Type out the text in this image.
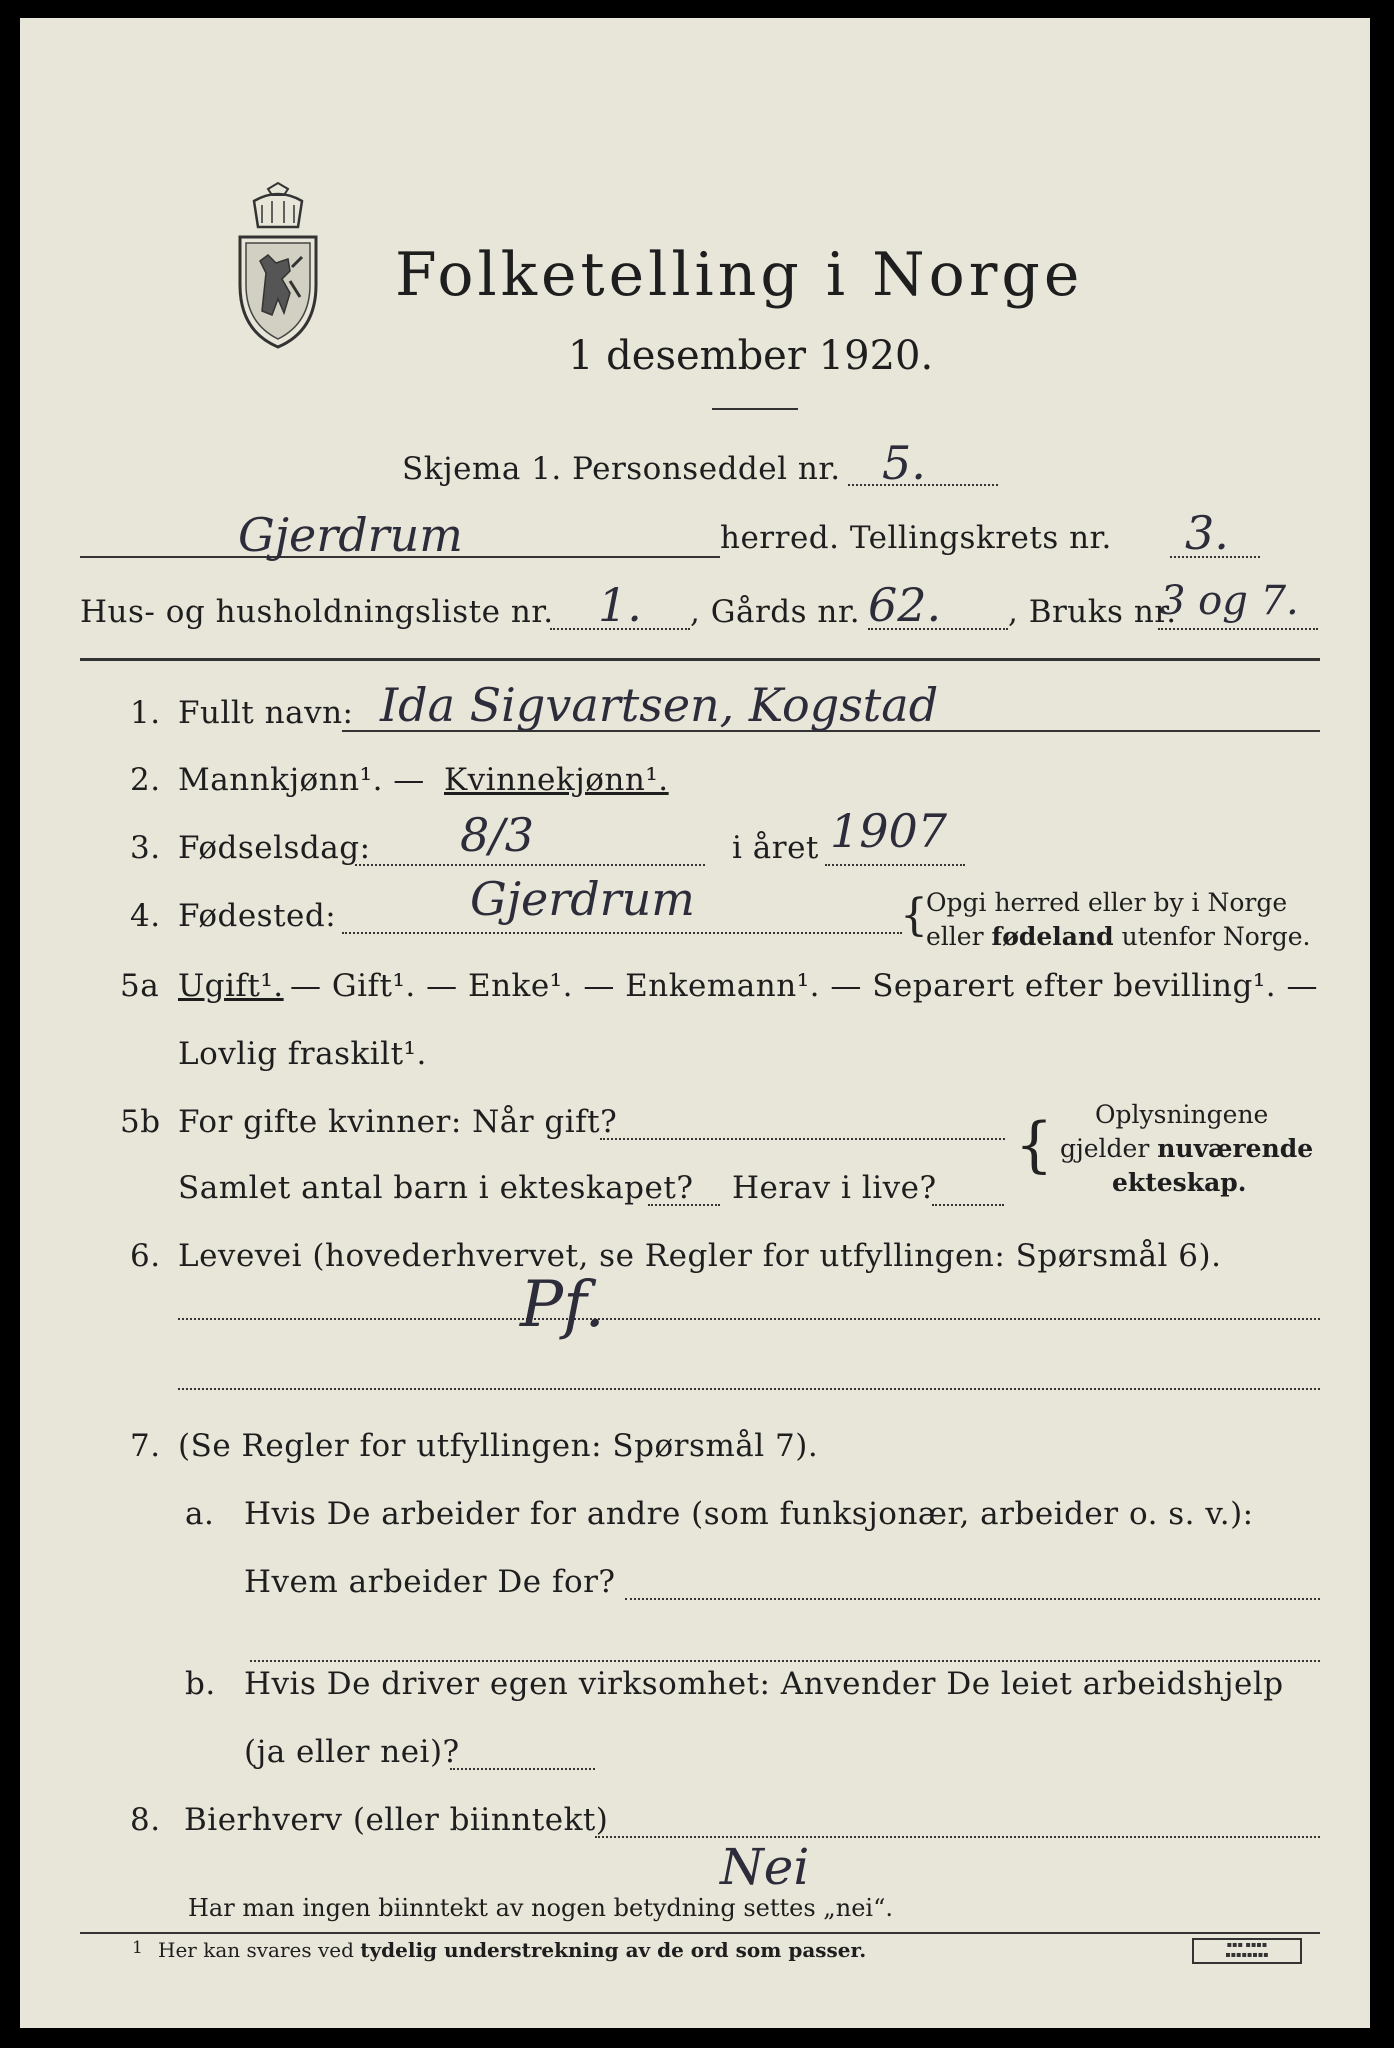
Folketelling i Norge
1 desember 1920.
Skjema 1. Personseddel nr. 5.
Gjerdrum	herred. Tellingskrets nr. 3.
Hus- og husholdningsliste nr. 1. , Gårds nr. 62. , Bruks nr.
3 og 7.
1. Fullt navn: Ida Sigvartsen, Kogstad
2. Mannkjønn¹. — Kvinnekjønn¹.
3. Fødselsdag: 8/3	i året 1907
4. Fødested:	Gjerdrum	{
Opgi herred eller by i Norge
eller fødeland utenfor Norge.
5a Ugift¹. — Gift¹. — Enke¹. — Enkemann¹. — Separert efter bevilling¹. —
Lovlig fraskilt¹.
5b For gifte kvinner: Når gift?
Samlet antal barn i ekteskapet? Herav i live?
{ Oplysningene
gjelder nuværende
ekteskap.
6. Levevei (hovederhvervet, se Regler for utfyllingen: Spørsmål 6).
Pf.
7. (Se Regler for utfyllingen: Spørsmål 7).
a. Hvis De arbeider for andre (som funksjonær, arbeider o. s. v.):
Hvem arbeider De for?
b. Hvis De driver egen virksomhet: Anvender De leiet arbeidshjelp
(ja eller nei)?
8. Bierhverv (eller biinntekt)
Nei
Har man ingen biinntekt av nogen betydning settes „nei“.
1 Her kan svares ved tydelig understrekning av de ord som passer.	▪▪▪ ▪▪▪▪
▪▪▪▪▪▪▪▪
